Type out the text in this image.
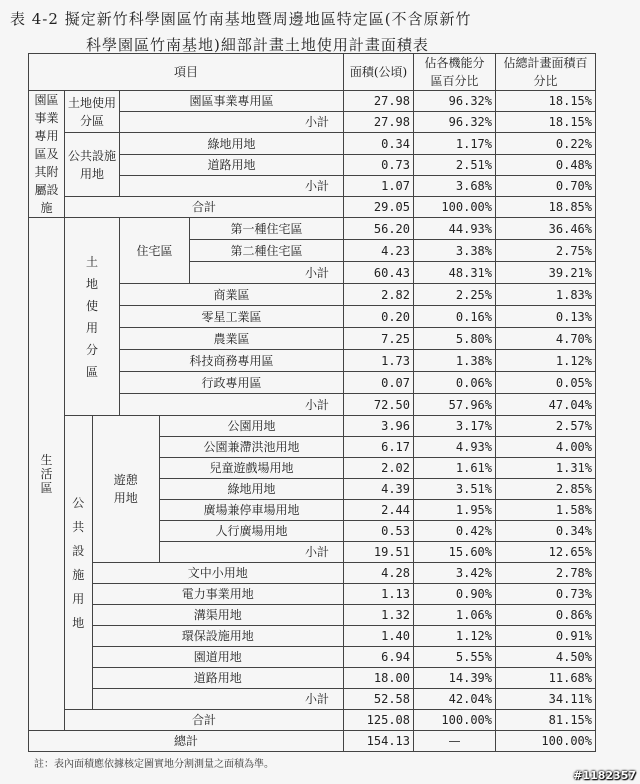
表 4-2 擬定新竹科學園區竹南基地暨周邊地區特定區(不含原新竹
科學園區竹南基地)細部計畫土地使用計畫面積表
項目						面積(公頃)	佔各機能分區百分比	佔總計畫面積百分比

園區事業專用區及其附屬設施	土地使用分區		園區事業專用區			27.98	96.32%	18.15%
			小計			27.98	96.32%	18.15%

	公共設施用地		綠地用地			0.34	1.17%	0.22%
			道路用地			0.73	2.51%	0.48%
			小計			1.07	3.68%	0.70%
	合計					29.05	100.00%	18.85%

生活區	土地使用分區		住宅區		第一種住宅區	56.20	44.93%	36.46%
					第二種住宅區	4.23	3.38%	2.75%
					小計	60.43	48.31%	39.21%
			商業區			2.82	2.25%	1.83%
			零星工業區			0.20	0.16%	0.13%
			農業區			7.25	5.80%	4.70%
			科技商務專用區			1.73	1.38%	1.12%
			行政專用區			0.07	0.06%	0.05%
			小計			72.50	57.96%	47.04%

	公共設施用地	遊憩用地		公園用地		3.96	3.17%	2.57%
				公園兼滯洪池用地		6.17	4.93%	4.00%
				兒童遊戲場用地		2.02	1.61%	1.31%
				綠地用地		4.39	3.51%	2.85%
				廣場兼停車場用地		2.44	1.95%	1.58%
				人行廣場用地		0.53	0.42%	0.34%
				小計		19.51	15.60%	12.65%
		文中小用地				4.28	3.42%	2.78%
		電力事業用地				1.13	0.90%	0.73%
		溝渠用地				1.32	1.06%	0.86%
		環保設施用地				1.40	1.12%	0.91%
		園道用地				6.94	5.55%	4.50%
		道路用地				18.00	14.39%	11.68%
		小計				52.58	42.04%	34.11%
	合計					125.08	100.00%	81.15%
總計						154.13	—	100.00%
註：表內面積應依據核定圖實地分割測量之面積為準。
#1182357
